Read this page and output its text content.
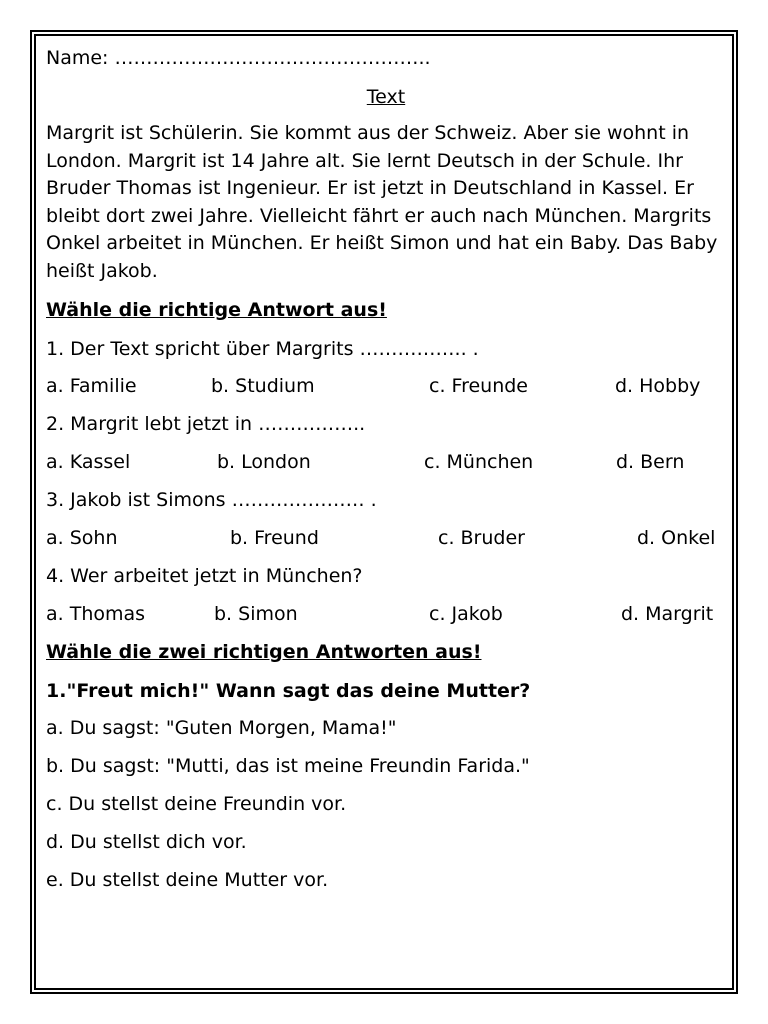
Name: …………………………………………..
Text
Margrit ist Schülerin. Sie kommt aus der Schweiz. Aber sie wohnt in London. Margrit ist 14 Jahre alt. Sie lernt Deutsch in der Schule. Ihr Bruder Thomas ist Ingenieur. Er ist jetzt in Deutschland in Kassel. Er bleibt dort zwei Jahre. Vielleicht fährt er auch nach München. Margrits Onkel arbeitet in München. Er heißt Simon und hat ein Baby. Das Baby heißt Jakob.
Wähle die richtige Antwort aus!
1. Der Text spricht über Margrits …………….. .
a. Familie	b. Studium	c. Freunde	d. Hobby
2. Margrit lebt jetzt in ……………..
a. Kassel	b. London	c. München	d. Bern
3. Jakob ist Simons ………………… .
a. Sohn	b. Freund	c. Bruder	d. Onkel
4. Wer arbeitet jetzt in München?
a. Thomas	b. Simon	c. Jakob	d. Margrit
Wähle die zwei richtigen Antworten aus!
1."Freut mich!" Wann sagt das deine Mutter?
a. Du sagst: "Guten Morgen, Mama!"
b. Du sagst: "Mutti, das ist meine Freundin Farida."
c. Du stellst deine Freundin vor.
d. Du stellst dich vor.
e. Du stellst deine Mutter vor.
